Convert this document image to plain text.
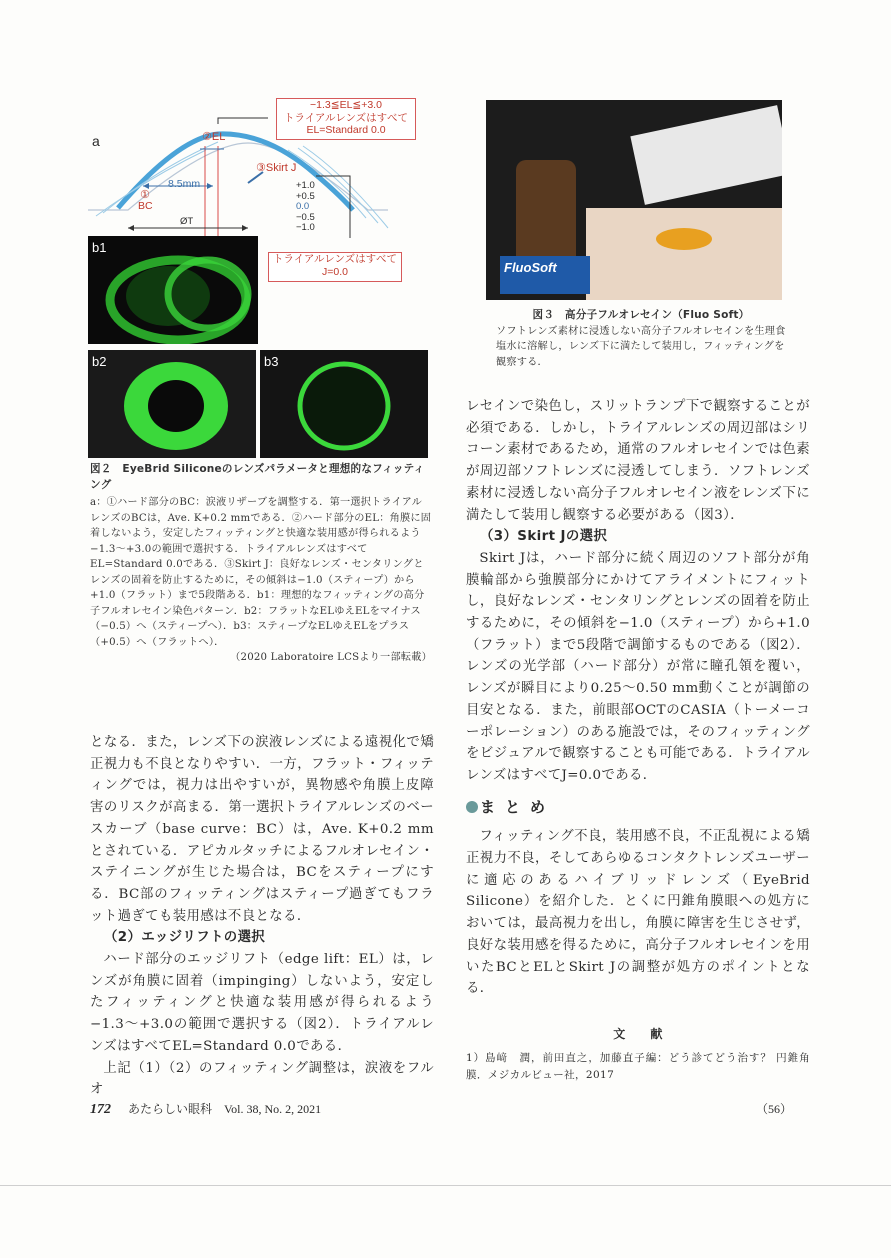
a
−1.3≦EL≦+3.0
トライアルレンズはすべて
EL=Standard 0.0
②EL
③Skirt J
8.5mm
①
BC
ØT
+1.0
+0.5
0.0
−0.5
−1.0
b1
トライアルレンズはすべて
J=0.0
b2	b3
図２　EyeBrid Siliconeのレンズパラメータと理想的なフィッティング
a：①ハード部分のBC：涙液リザーブを調整する．第一選択トライアルレンズのBCは，Ave. K+0.2 mmである．②ハード部分のEL：角膜に固着しないよう，安定したフィッティングと快適な装用感が得られるよう−1.3〜+3.0の範囲で選択する．トライアルレンズはすべてEL=Standard 0.0である．③Skirt J：良好なレンズ・センタリングとレンズの固着を防止するために，その傾斜は−1.0（スティープ）から+1.0（フラット）まで5段階ある．b1：理想的なフィッティングの高分子フルオレセイン染色パターン．b2：フラットなELゆえELをマイナス（−0.5）へ（スティープへ）．b3：スティープなELゆえELをプラス（+0.5）へ（フラットへ）．
（2020 Laboratoire LCSより一部転載）
FluoSoft
図３　高分子フルオレセイン（Fluo Soft）
ソフトレンズ素材に浸透しない高分子フルオレセインを生理食塩水に溶解し，レンズ下に満たして装用し，フィッティングを観察する．

となる．また，レンズ下の涙液レンズによる遠視化で矯正視力も不良となりやすい．一方，フラット・フィッティングでは，視力は出やすいが，異物感や角膜上皮障害のリスクが高まる．第一選択トライアルレンズのベースカーブ（base curve：BC）は，Ave. K+0.2 mmとされている．アピカルタッチによるフルオレセイン・ステイニングが生じた場合は，BCをスティープにする．BC部のフィッティングはスティープ過ぎてもフラット過ぎても装用感は不良となる．

（2）エッジリフトの選択

ハード部分のエッジリフト（edge lift：EL）は，レンズが角膜に固着（impinging）しないよう，安定したフィッティングと快適な装用感が得られるよう−1.3〜+3.0の範囲で選択する（図2）．トライアルレンズはすべてEL=Standard 0.0である．

上記（1）（2）のフィッティング調整は，涙液をフルオ

レセインで染色し，スリットランプ下で観察することが必須である．しかし，トライアルレンズの周辺部はシリコーン素材であるため，通常のフルオレセインでは色素が周辺部ソフトレンズに浸透してしまう．ソフトレンズ素材に浸透しない高分子フルオレセイン液をレンズ下に満たして装用し観察する必要がある（図3）．

（3）Skirt Jの選択

Skirt Jは，ハード部分に続く周辺のソフト部分が角膜輪部から強膜部分にかけてアライメントにフィットし，良好なレンズ・センタリングとレンズの固着を防止するために，その傾斜を−1.0（スティープ）から+1.0（フラット）まで5段階で調節するものである（図2）．レンズの光学部（ハード部分）が常に瞳孔領を覆い，レンズが瞬目により0.25〜0.50 mm動くことが調節の目安となる．また，前眼部OCTのCASIA（トーメーコーポレーション）のある施設では，そのフィッティングをビジュアルで観察することも可能である．トライアルレンズはすべてJ=0.0である．

まとめ

フィッティング不良，装用感不良，不正乱視による矯正視力不良，そしてあらゆるコンタクトレンズユーザーに適応のあるハイブリッドレンズ（EyeBrid Silicone）を紹介した．とくに円錐角膜眼への処方においては，最高視力を出し，角膜に障害を生じさせず，良好な装用感を得るために，高分子フルオレセインを用いたBCとELとSkirt Jの調整が処方のポイントとなる．

文　　献
1）島﨑　潤，前田直之，加藤直子編：どう診てどう治す？ 円錐角膜．メジカルビュー社，2017
172 あたらしい眼科　Vol. 38, No. 2, 2021	（56）
